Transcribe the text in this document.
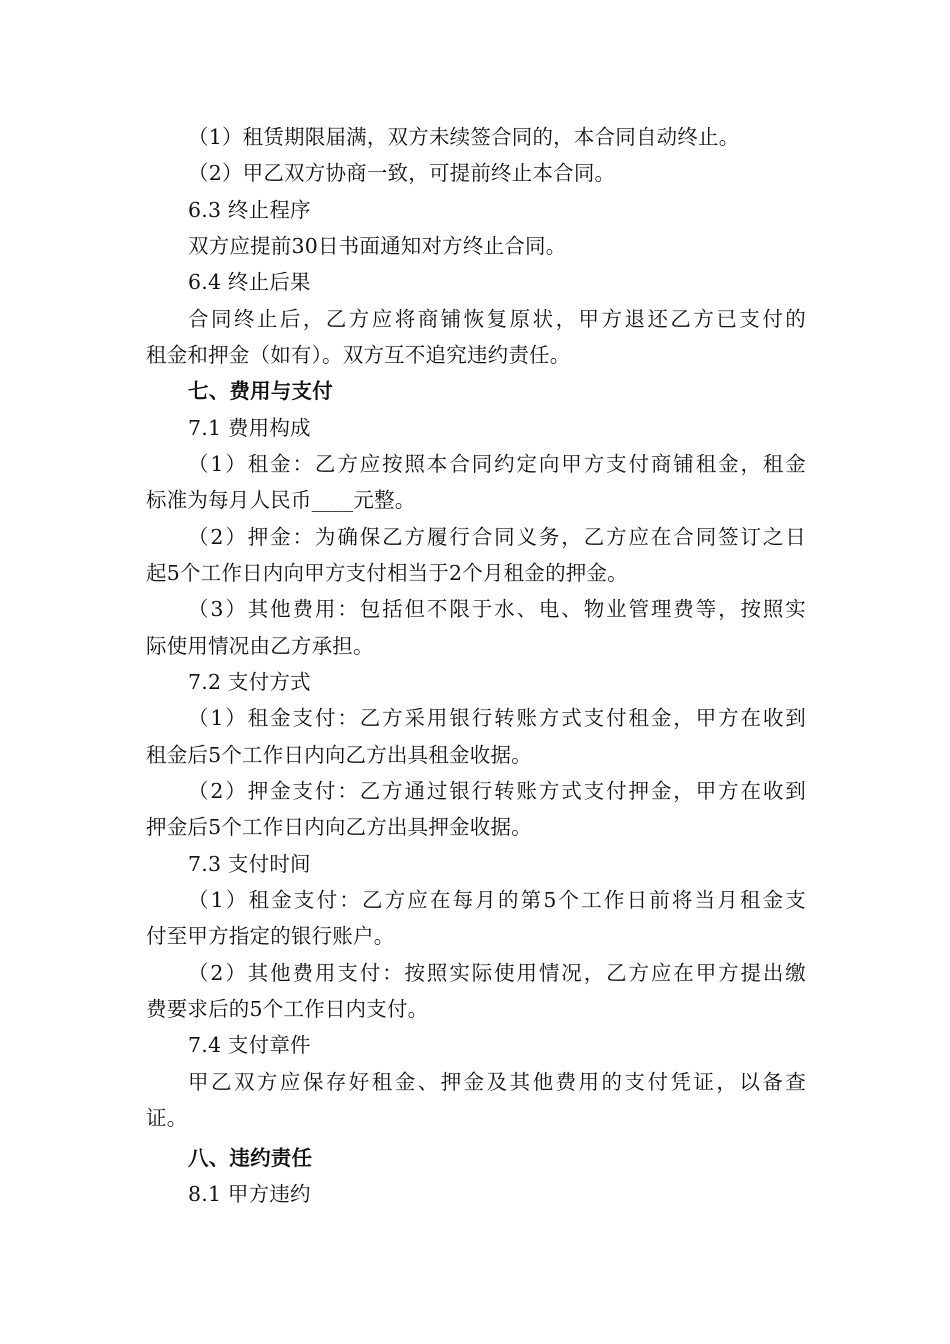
（1）租赁期限届满，双方未续签合同的，本合同自动终止。
（2）甲乙双方协商一致，可提前终止本合同。
6.3 终止程序
双方应提前30日书面通知对方终止合同。
6.4 终止后果
合同终止后，乙方应将商铺恢复原状，甲方退还乙方已支付的
租金和押金（如有）。双方互不追究违约责任。
七、费用与支付
7.1 费用构成
（1）租金：乙方应按照本合同约定向甲方支付商铺租金，租金
标准为每月人民币____元整。
（2）押金：为确保乙方履行合同义务，乙方应在合同签订之日
起5个工作日内向甲方支付相当于2个月租金的押金。
（3）其他费用：包括但不限于水、电、物业管理费等，按照实
际使用情况由乙方承担。
7.2 支付方式
（1）租金支付：乙方采用银行转账方式支付租金，甲方在收到
租金后5个工作日内向乙方出具租金收据。
（2）押金支付：乙方通过银行转账方式支付押金，甲方在收到
押金后5个工作日内向乙方出具押金收据。
7.3 支付时间
（1）租金支付：乙方应在每月的第5个工作日前将当月租金支
付至甲方指定的银行账户。
（2）其他费用支付：按照实际使用情况，乙方应在甲方提出缴
费要求后的5个工作日内支付。
7.4 支付章件
甲乙双方应保存好租金、押金及其他费用的支付凭证，以备查
证。
八、违约责任
8.1 甲方违约
